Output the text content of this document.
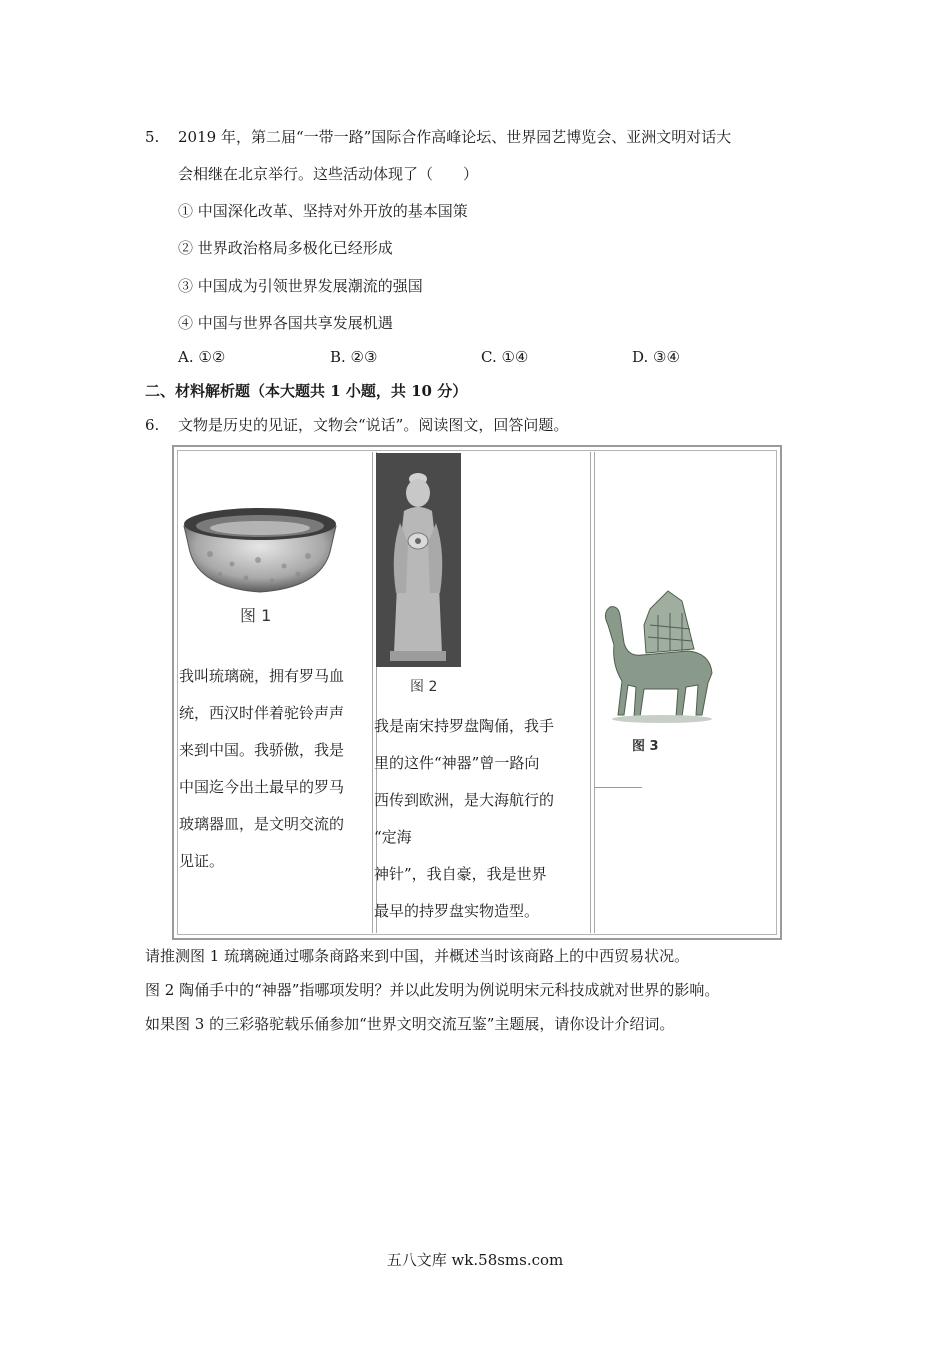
5. 2019 年，第二届“一带一路”国际合作高峰论坛、世界园艺博览会、亚洲文明对话大
会相继在北京举行。这些活动体现了（　　）
① 中国深化改革、坚持对外开放的基本国策
② 世界政治格局多极化已经形成
③ 中国成为引领世界发展潮流的强国
④ 中国与世界各国共享发展机遇
A. ①②	B. ②③	C. ①④	D. ③④
二、材料解析题（本大题共 1 小题，共 10 分）
6. 文物是历史的见证，文物会“说话”。阅读图文，回答问题。
图 1
我叫琉璃碗，拥有罗马血
统，西汉时伴着驼铃声声
来到中国。我骄傲，我是
中国迄今出土最早的罗马
玻璃器皿，是文明交流的
见证。
图 2
我是南宋持罗盘陶俑，我手
里的这件“神器”曾一路向
西传到欧洲，是大海航行的
“定海
神针”，我自豪，我是世界
最早的持罗盘实物造型。
图 3
请推测图 1 琉璃碗通过哪条商路来到中国，并概述当时该商路上的中西贸易状况。
图 2 陶俑手中的“神器”指哪项发明？并以此发明为例说明宋元科技成就对世界的影响。
如果图 3 的三彩骆驼载乐俑参加“世界文明交流互鉴”主题展，请你设计介绍词。
五八文库 wk.58sms.com
